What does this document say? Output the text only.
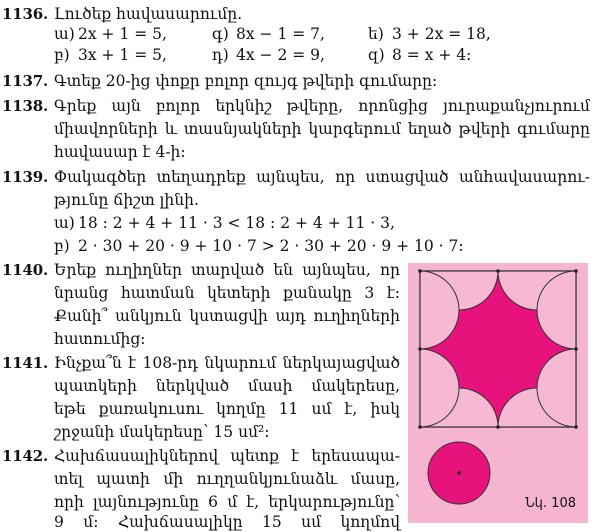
1136. Լուծեք հավասարումը.
ա) 2x + 1 = 5,	գ) 8x − 1 = 7,	ե) 3 + 2x = 18,
բ) 3x + 1 = 5,	դ) 4x − 2 = 9,	զ) 8 = x + 4:
1137. Գտեք 20-ից փոքր բոլոր զույգ թվերի գումարը:
1138. Գրեք այն բոլոր երկնիշ թվերը, որոնցից յուրաքանչյուրում
միավորների և տասնյակների կարգերում եղած թվերի գումարը
հավասար է 4-ի:
1139. Փակագծեր տեղադրեք այնպես, որ ստացված անհավասարու-
թյունը ճիշտ լինի.
ա) 18 : 2 + 4 + 11 · 3 < 18 : 2 + 4 + 11 · 3,
բ) 2 · 30 + 20 · 9 + 10 · 7 > 2 · 30 + 20 · 9 + 10 · 7:
1140. Երեք ուղիղներ տարված են այնպես, որ
նրանց հատման կետերի քանակը 3 է:
Քանի՞ անկյուն կստացվի այդ ուղիղների
հատումից:
1141. Ինչքա՞ն է 108-րդ նկարում ներկայացված
պատկերի ներկված մասի մակերեսը,
եթե քառակուսու կողմը 11 սմ է, իսկ
շրջանի մակերեսը՝ 15 սմ²:
1142. Հախճասալիկներով պետք է երեսապա-
տել պատի մի ուղղանկյունաձև մասը,
որի լայնությունը 6 մ է, երկարությունը՝
9 մ: Հախճասալիկը 15 սմ կողմով
Նկ. 108
